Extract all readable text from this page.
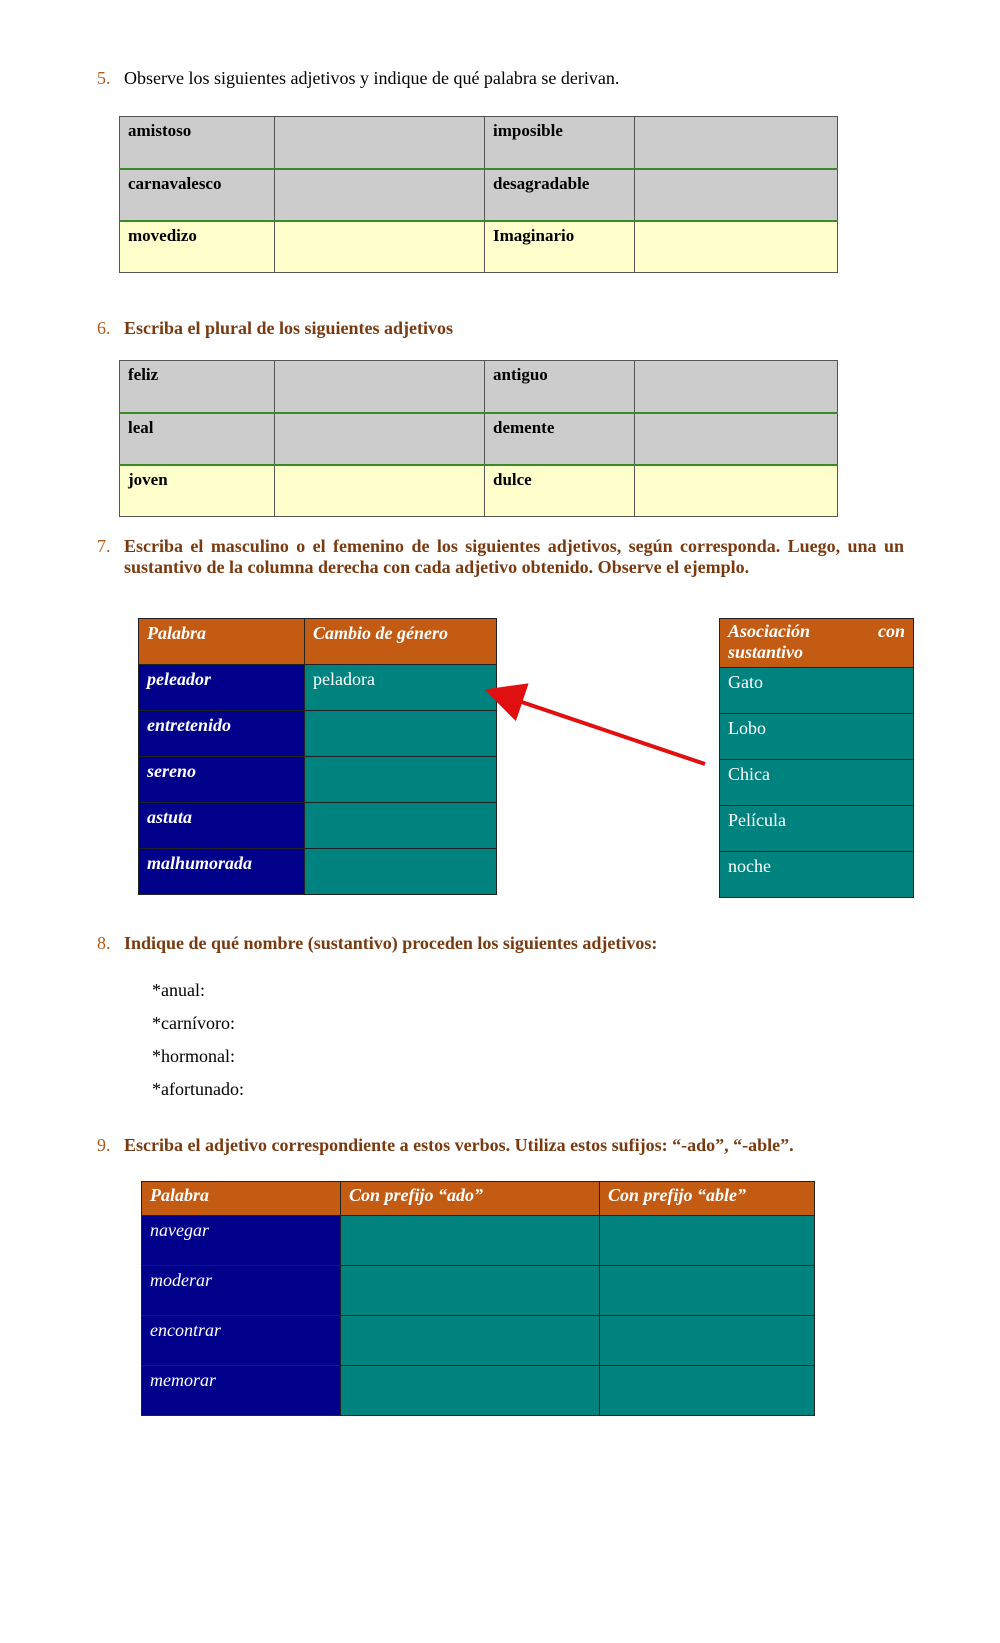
5. Observe los siguientes adjetivos y indique de qué palabra se derivan.
amistoso		imposible	
carnavalesco		desagradable	
movedizo		Imaginario	
6. Escriba el plural de los siguientes adjetivos
feliz		antiguo	
leal		demente	
joven		dulce	
7. Escriba el masculino o el femenino de los siguientes adjetivos, según corresponda. Luego, una un sustantivo de la columna derecha con cada adjetivo obtenido. Observe el ejemplo.
Palabra	Cambio de género
peleador	peladora
entretenido	
sereno	
astuta	
malhumorada	
Asociación	con
sustantivo

Gato
Lobo
Chica
Película
noche
8. Indique de qué nombre (sustantivo) proceden los siguientes adjetivos:
*anual:
*carnívoro:
*hormonal:
*afortunado:
9. Escriba el adjetivo correspondiente a estos verbos. Utiliza estos sufijos: “-ado”, “-able”.
Palabra	Con prefijo “ado”	Con prefijo “able”
navegar		
moderar		
encontrar		
memorar		
